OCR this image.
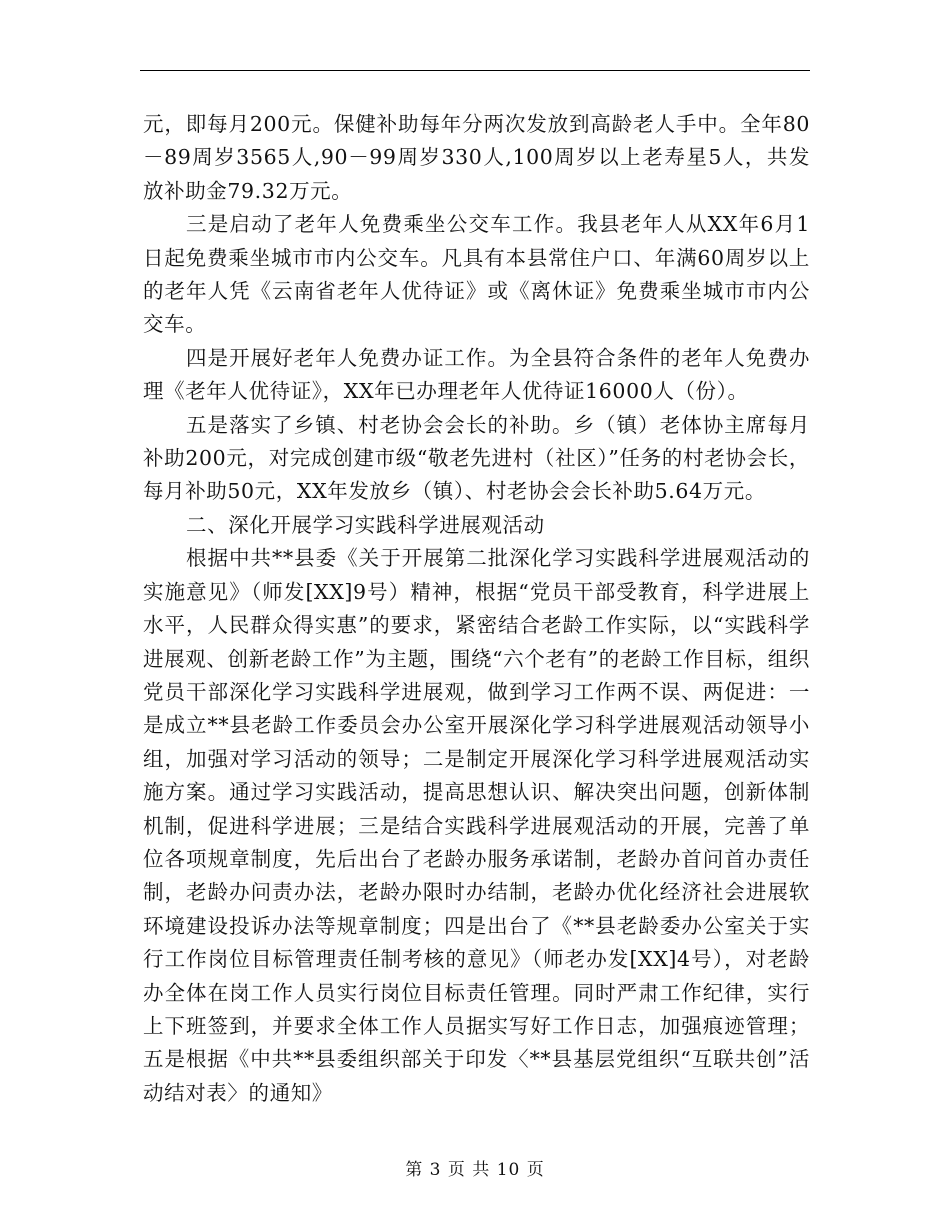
元，即每月200元。保健补助每年分两次发放到高龄老人手中。全年80－89周岁3565人,90－99周岁330人,100周岁以上老寿星5人，共发放补助金79.32万元。

三是启动了老年人免费乘坐公交车工作。我县老年人从XX年6月1日起免费乘坐城市市内公交车。凡具有本县常住户口、年满60周岁以上的老年人凭《云南省老年人优待证》或《离休证》免费乘坐城市市内公交车。

四是开展好老年人免费办证工作。为全县符合条件的老年人免费办理《老年人优待证》，XX年已办理老年人优待证16000人（份）。

五是落实了乡镇、村老协会会长的补助。乡（镇）老体协主席每月补助200元，对完成创建市级“敬老先进村（社区）”任务的村老协会长，每月补助50元，XX年发放乡（镇）、村老协会会长补助5.64万元。

二、深化开展学习实践科学进展观活动

根据中共**县委《关于开展第二批深化学习实践科学进展观活动的实施意见》（师发[XX]9号）精神，根据“党员干部受教育，科学进展上水平，人民群众得实惠”的要求，紧密结合老龄工作实际，以“实践科学进展观、创新老龄工作”为主题，围绕“六个老有”的老龄工作目标，组织党员干部深化学习实践科学进展观，做到学习工作两不误、两促进：一是成立**县老龄工作委员会办公室开展深化学习科学进展观活动领导小组，加强对学习活动的领导；二是制定开展深化学习科学进展观活动实施方案。通过学习实践活动，提高思想认识、解决突出问题，创新体制机制，促进科学进展；三是结合实践科学进展观活动的开展，完善了单位各项规章制度，先后出台了老龄办服务承诺制，老龄办首问首办责任制，老龄办问责办法，老龄办限时办结制，老龄办优化经济社会进展软环境建设投诉办法等规章制度；四是出台了《**县老龄委办公室关于实行工作岗位目标管理责任制考核的意见》（师老办发[XX]4号），对老龄办全体在岗工作人员实行岗位目标责任管理。同时严肃工作纪律，实行上下班签到，并要求全体工作人员据实写好工作日志，加强痕迹管理；五是根据《中共**县委组织部关于印发〈**县基层党组织“互联共创”活动结对表〉的通知》

第 3 页 共 10 页
